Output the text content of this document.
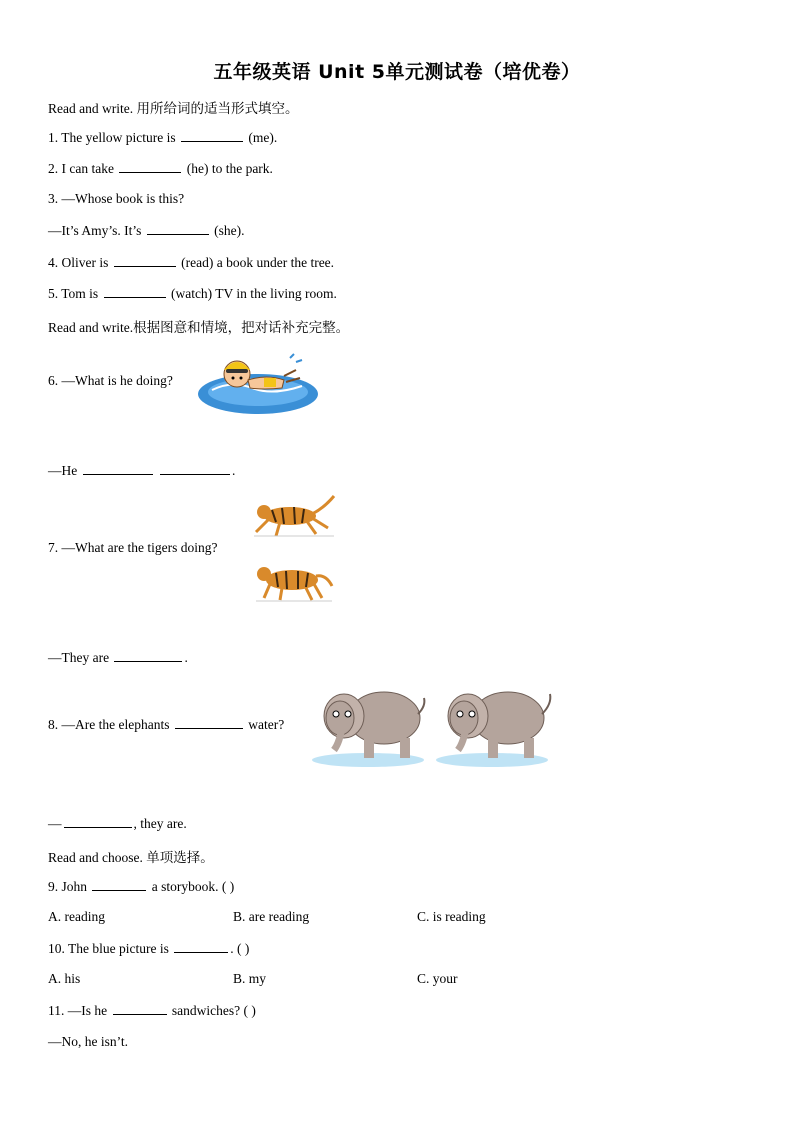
五年级英语 Unit 5单元测试卷（培优卷）
Read and write. 用所给词的适当形式填空。
1. The yellow picture is	(me).
2. I can take	(he) to the park.
3. —Whose book is this?
—It’s Amy’s. It’s	(she).
4. Oliver is	(read) a book under the tree.
5. Tom is	(watch) TV in the living room.
Read and write.根据图意和情境，把对话补充完整。
6. —What is he doing?
—He	.
7. —What are the tigers doing?
—They are	.
8. —Are the elephants	water?
—	, they are.
Read and choose. 单项选择。
9. John	a storybook. ( )
A. reading	B. are reading	C. is reading
10. The blue picture is	. ( )
A. his	B. my	C. your
11. —Is he	sandwiches? ( )
—No, he isn’t.
